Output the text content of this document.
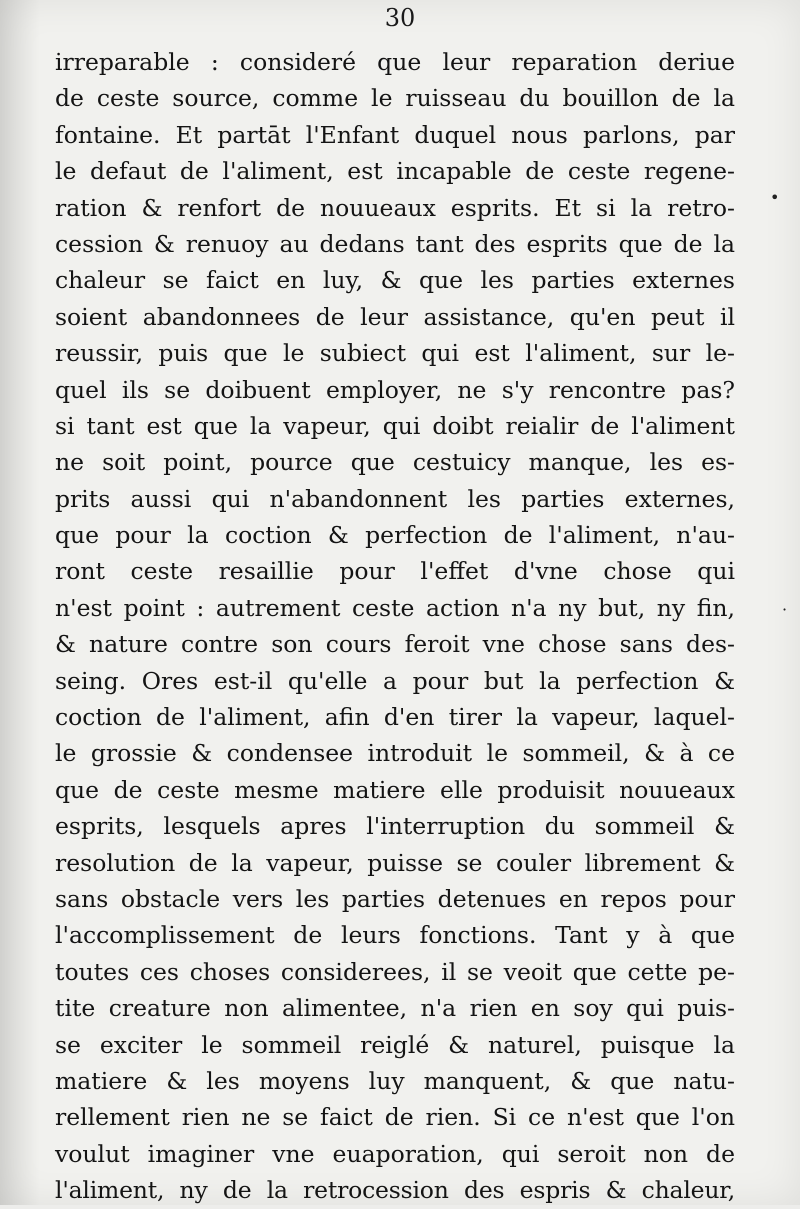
30
irreparable : consideré que leur reparation deriue
de ceste source, comme le ruisseau du bouillon de la
fontaine. Et partāt l'Enfant duquel nous parlons, par
le defaut de l'aliment, est incapable de ceste regene-
ration & renfort de nouueaux esprits. Et si la retro-
cession & renuoy au dedans tant des esprits que de la
chaleur se faict en luy, & que les parties externes
soient abandonnees de leur assistance, qu'en peut il
reussir, puis que le subiect qui est l'aliment, sur le-
quel ils se doibuent employer, ne s'y rencontre pas?
si tant est que la vapeur, qui doibt reialir de l'aliment
ne soit point, pource que cestuicy manque, les es-
prits aussi qui n'abandonnent les parties externes,
que pour la coction & perfection de l'aliment, n'au-
ront ceste resaillie pour l'effet d'vne chose qui
n'est point : autrement ceste action n'a ny but, ny fin,
& nature contre son cours feroit vne chose sans des-
seing. Ores est-il qu'elle a pour but la perfection &
coction de l'aliment, afin d'en tirer la vapeur, laquel-
le grossie & condensee introduit le sommeil, & à ce
que de ceste mesme matiere elle produisit nouueaux
esprits, lesquels apres l'interruption du sommeil &
resolution de la vapeur, puisse se couler librement &
sans obstacle vers les parties detenues en repos pour
l'accomplissement de leurs fonctions. Tant y à que
toutes ces choses considerees, il se veoit que cette pe-
tite creature non alimentee, n'a rien en soy qui puis-
se exciter le sommeil reiglé & naturel, puisque la
matiere & les moyens luy manquent, & que natu-
rellement rien ne se faict de rien. Si ce n'est que l'on
voulut imaginer vne euaporation, qui seroit non de
l'aliment, ny de la retrocession des espris & chaleur,
•
·
